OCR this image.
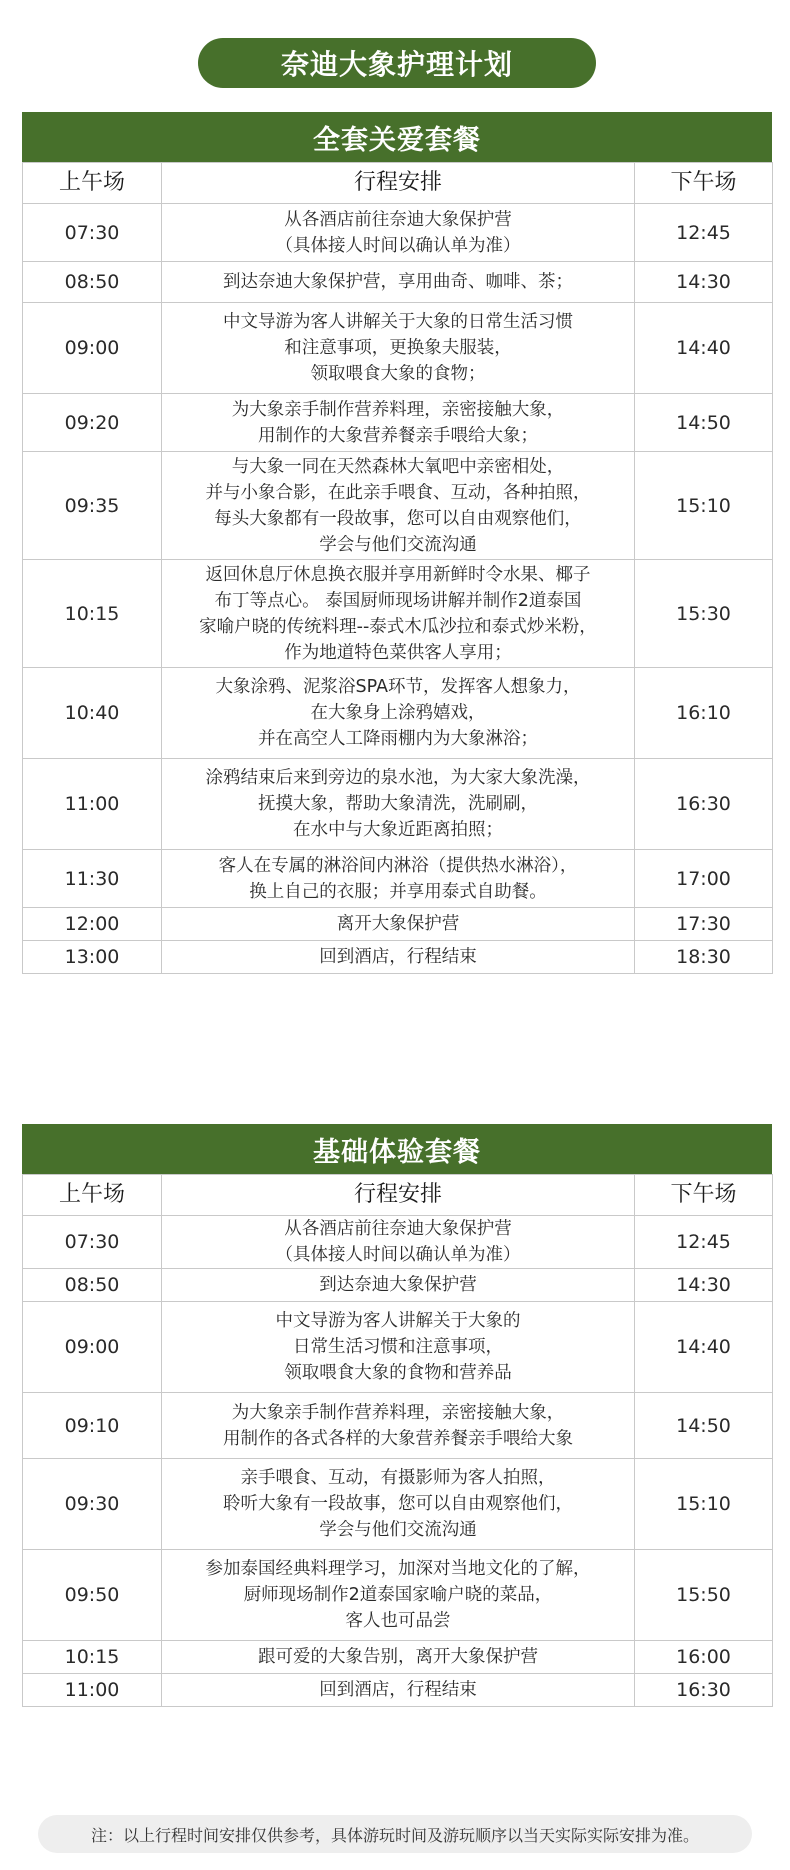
奈迪大象护理计划
全套关爱套餐
上午场	行程安排	下午场
07:30	从各酒店前往奈迪大象保护营
（具体接人时间以确认单为准）	12:45
08:50	到达奈迪大象保护营，享用曲奇、咖啡、茶；	14:30
09:00	中文导游为客人讲解关于大象的日常生活习惯
和注意事项，更换象夫服装，
领取喂食大象的食物；	14:40
09:20	为大象亲手制作营养料理，亲密接触大象，
用制作的大象营养餐亲手喂给大象；	14:50
09:35	与大象一同在天然森林大氧吧中亲密相处，
并与小象合影，在此亲手喂食、互动，各种拍照，
每头大象都有一段故事，您可以自由观察他们，
学会与他们交流沟通	15:10
10:15	返回休息厅休息换衣服并享用新鲜时令水果、椰子
布丁等点心。 泰国厨师现场讲解并制作2道泰国
家喻户晓的传统料理--泰式木瓜沙拉和泰式炒米粉，
作为地道特色菜供客人享用；	15:30
10:40	大象涂鸦、泥浆浴SPA环节，发挥客人想象力，
在大象身上涂鸦嬉戏，
并在高空人工降雨棚内为大象淋浴；	16:10
11:00	涂鸦结束后来到旁边的泉水池，为大家大象洗澡，
抚摸大象，帮助大象清洗，洗刷刷，
在水中与大象近距离拍照；	16:30
11:30	客人在专属的淋浴间内淋浴（提供热水淋浴），
换上自己的衣服；并享用泰式自助餐。	17:00
12:00	离开大象保护营	17:30
13:00	回到酒店，行程结束	18:30
基础体验套餐
上午场	行程安排	下午场
07:30	从各酒店前往奈迪大象保护营
（具体接人时间以确认单为准）	12:45
08:50	到达奈迪大象保护营	14:30
09:00	中文导游为客人讲解关于大象的
日常生活习惯和注意事项，
领取喂食大象的食物和营养品	14:40
09:10	为大象亲手制作营养料理，亲密接触大象，
用制作的各式各样的大象营养餐亲手喂给大象	14:50
09:30	亲手喂食、互动，有摄影师为客人拍照，
聆听大象有一段故事，您可以自由观察他们，
学会与他们交流沟通	15:10
09:50	参加泰国经典料理学习，加深对当地文化的了解，
厨师现场制作2道泰国家喻户晓的菜品，
客人也可品尝	15:50
10:15	跟可爱的大象告别，离开大象保护营	16:00
11:00	回到酒店，行程结束	16:30
注：以上行程时间安排仅供参考，具体游玩时间及游玩顺序以当天实际实际安排为准。
